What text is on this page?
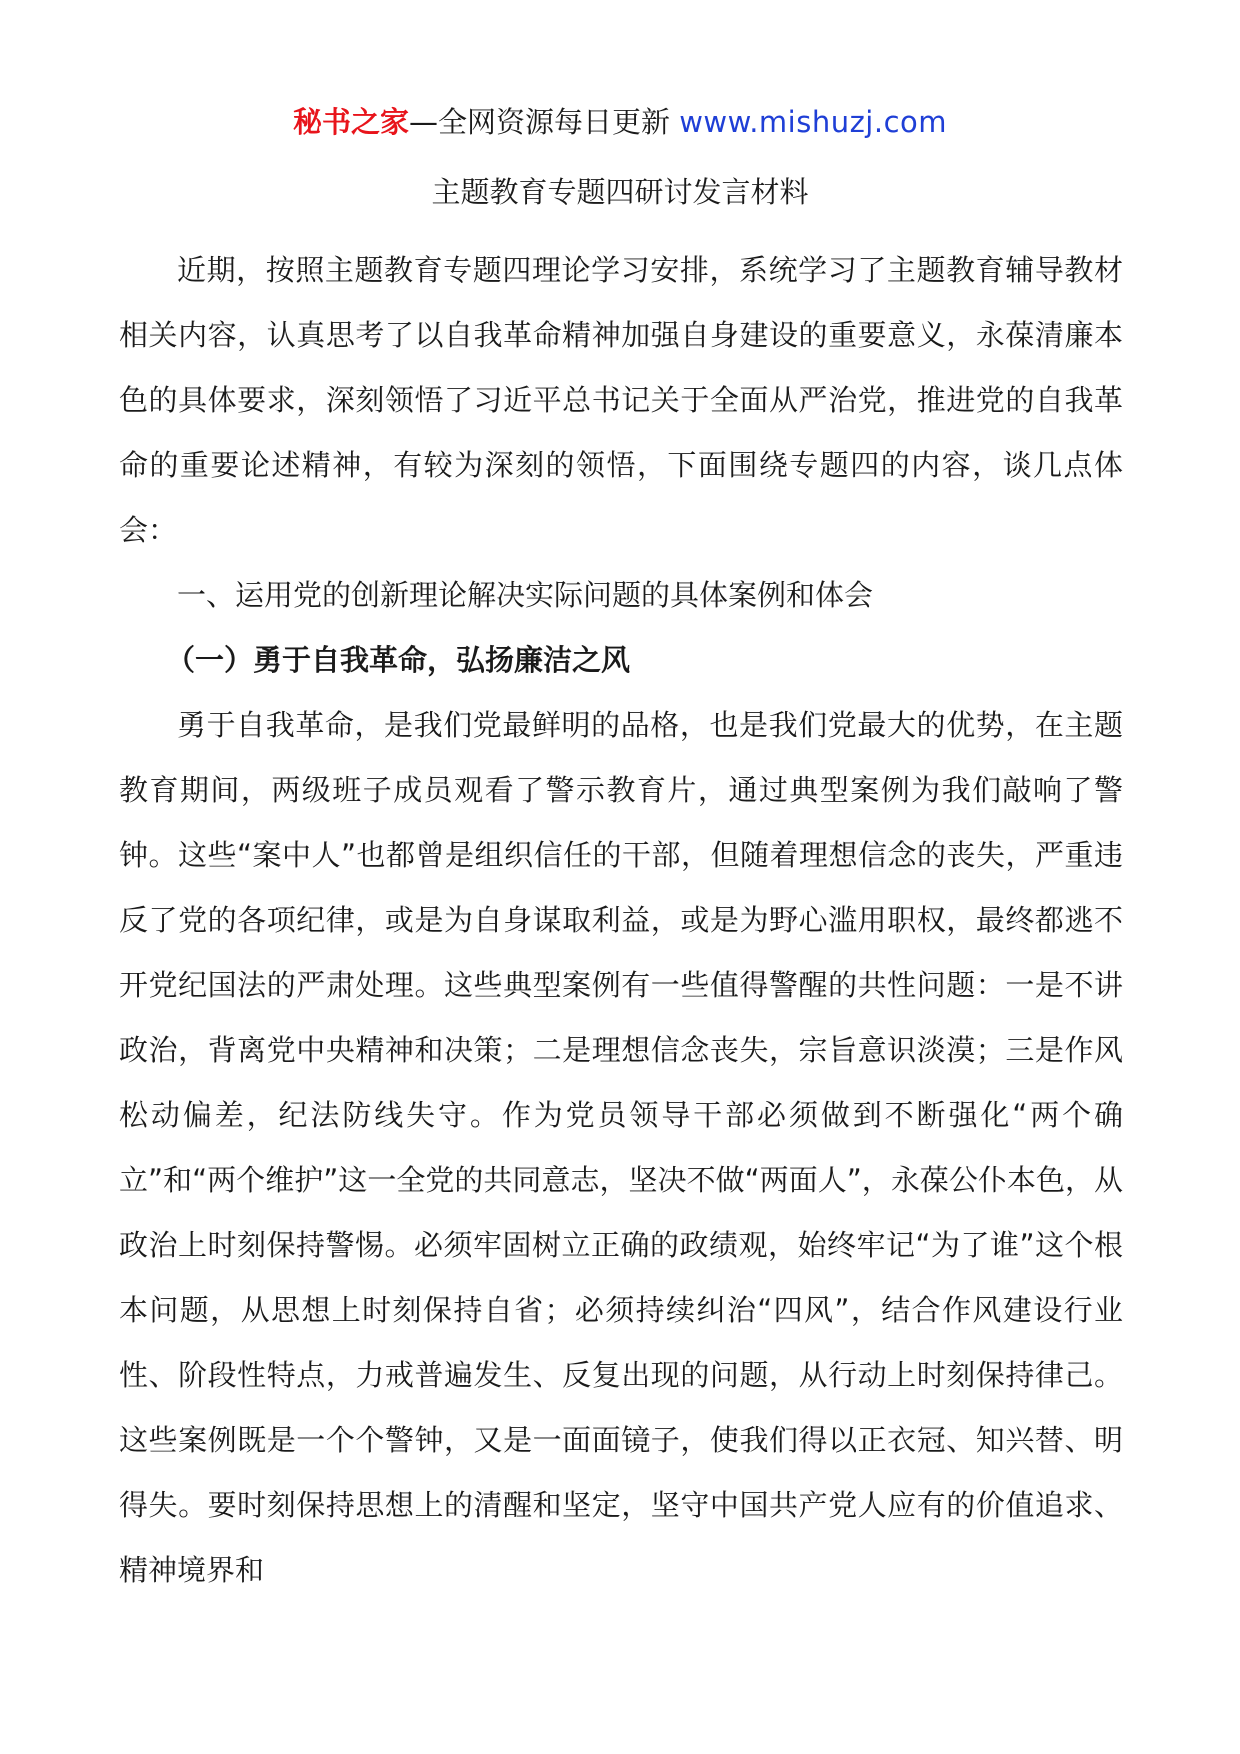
秘书之家—全网资源每日更新 www.mishuzj.com
主题教育专题四研讨发言材料

近期，按照主题教育专题四理论学习安排，系统学习了主题教育辅导教材相关内容，认真思考了以自我革命精神加强自身建设的重要意义，永葆清廉本色的具体要求，深刻领悟了习近平总书记关于全面从严治党，推进党的自我革命的重要论述精神，有较为深刻的领悟，下面围绕专题四的内容，谈几点体会：

一、运用党的创新理论解决实际问题的具体案例和体会

（一）勇于自我革命，弘扬廉洁之风

勇于自我革命，是我们党最鲜明的品格，也是我们党最大的优势，在主题教育期间，两级班子成员观看了警示教育片，通过典型案例为我们敲响了警钟。这些“案中人”也都曾是组织信任的干部，但随着理想信念的丧失，严重违反了党的各项纪律，或是为自身谋取利益，或是为野心滥用职权，最终都逃不开党纪国法的严肃处理。这些典型案例有一些值得警醒的共性问题：一是不讲政治，背离党中央精神和决策；二是理想信念丧失，宗旨意识淡漠；三是作风松动偏差，纪法防线失守。作为党员领导干部必须做到不断强化“两个确立”和“两个维护”这一全党的共同意志，坚决不做“两面人”，永葆公仆本色，从政治上时刻保持警惕。必须牢固树立正确的政绩观，始终牢记“为了谁”这个根本问题，从思想上时刻保持自省；必须持续纠治“四风”，结合作风建设行业性、阶段性特点，力戒普遍发生、反复出现的问题，从行动上时刻保持律己。这些案例既是一个个警钟，又是一面面镜子，使我们得以正衣冠、知兴替、明得失。要时刻保持思想上的清醒和坚定，坚守中国共产党人应有的价值追求、精神境界和
